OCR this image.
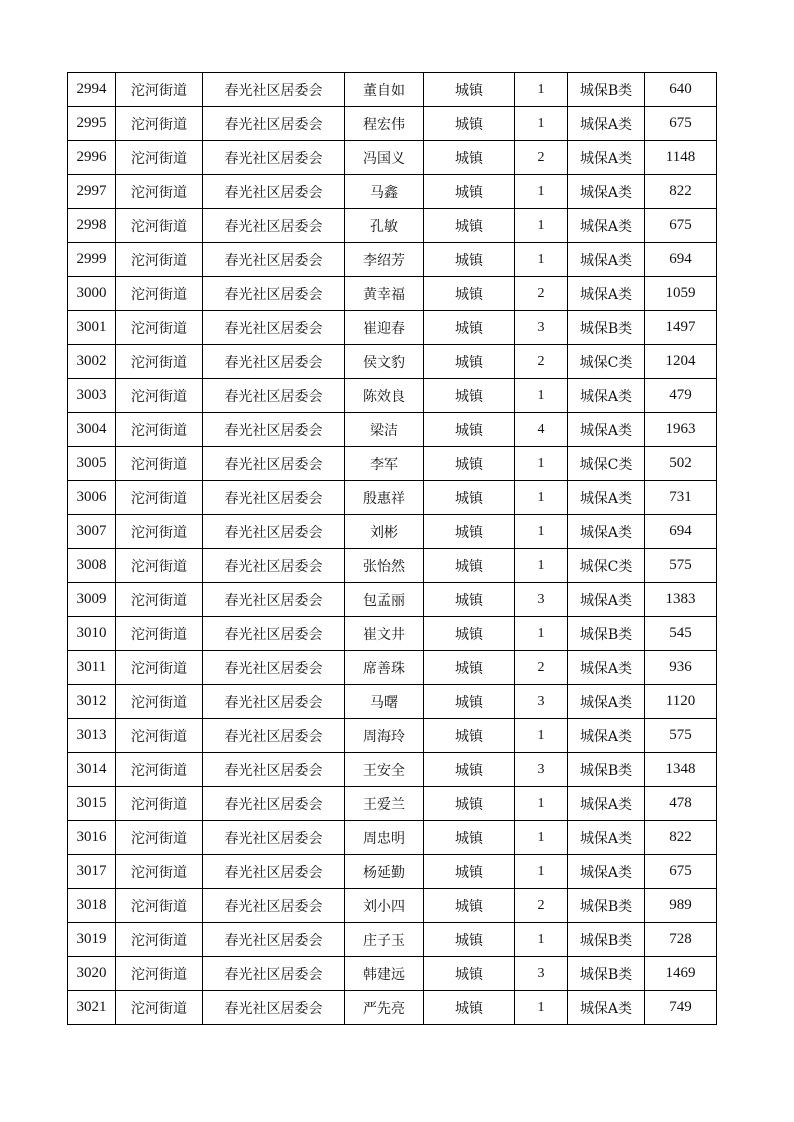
2994	沱河街道	春光社区居委会	董自如	城镇	1	城保B类	640
2995	沱河街道	春光社区居委会	程宏伟	城镇	1	城保A类	675
2996	沱河街道	春光社区居委会	冯国义	城镇	2	城保A类	1148
2997	沱河街道	春光社区居委会	马鑫	城镇	1	城保A类	822
2998	沱河街道	春光社区居委会	孔敏	城镇	1	城保A类	675
2999	沱河街道	春光社区居委会	李绍芳	城镇	1	城保A类	694
3000	沱河街道	春光社区居委会	黄幸福	城镇	2	城保A类	1059
3001	沱河街道	春光社区居委会	崔迎春	城镇	3	城保B类	1497
3002	沱河街道	春光社区居委会	侯文豹	城镇	2	城保C类	1204
3003	沱河街道	春光社区居委会	陈效良	城镇	1	城保A类	479
3004	沱河街道	春光社区居委会	梁洁	城镇	4	城保A类	1963
3005	沱河街道	春光社区居委会	李军	城镇	1	城保C类	502
3006	沱河街道	春光社区居委会	殷惠祥	城镇	1	城保A类	731
3007	沱河街道	春光社区居委会	刘彬	城镇	1	城保A类	694
3008	沱河街道	春光社区居委会	张怡然	城镇	1	城保C类	575
3009	沱河街道	春光社区居委会	包孟丽	城镇	3	城保A类	1383
3010	沱河街道	春光社区居委会	崔文井	城镇	1	城保B类	545
3011	沱河街道	春光社区居委会	席善珠	城镇	2	城保A类	936
3012	沱河街道	春光社区居委会	马曙	城镇	3	城保A类	1120
3013	沱河街道	春光社区居委会	周海玲	城镇	1	城保A类	575
3014	沱河街道	春光社区居委会	王安全	城镇	3	城保B类	1348
3015	沱河街道	春光社区居委会	王爱兰	城镇	1	城保A类	478
3016	沱河街道	春光社区居委会	周忠明	城镇	1	城保A类	822
3017	沱河街道	春光社区居委会	杨延勤	城镇	1	城保A类	675
3018	沱河街道	春光社区居委会	刘小四	城镇	2	城保B类	989
3019	沱河街道	春光社区居委会	庄子玉	城镇	1	城保B类	728
3020	沱河街道	春光社区居委会	韩建远	城镇	3	城保B类	1469
3021	沱河街道	春光社区居委会	严先亮	城镇	1	城保A类	749
